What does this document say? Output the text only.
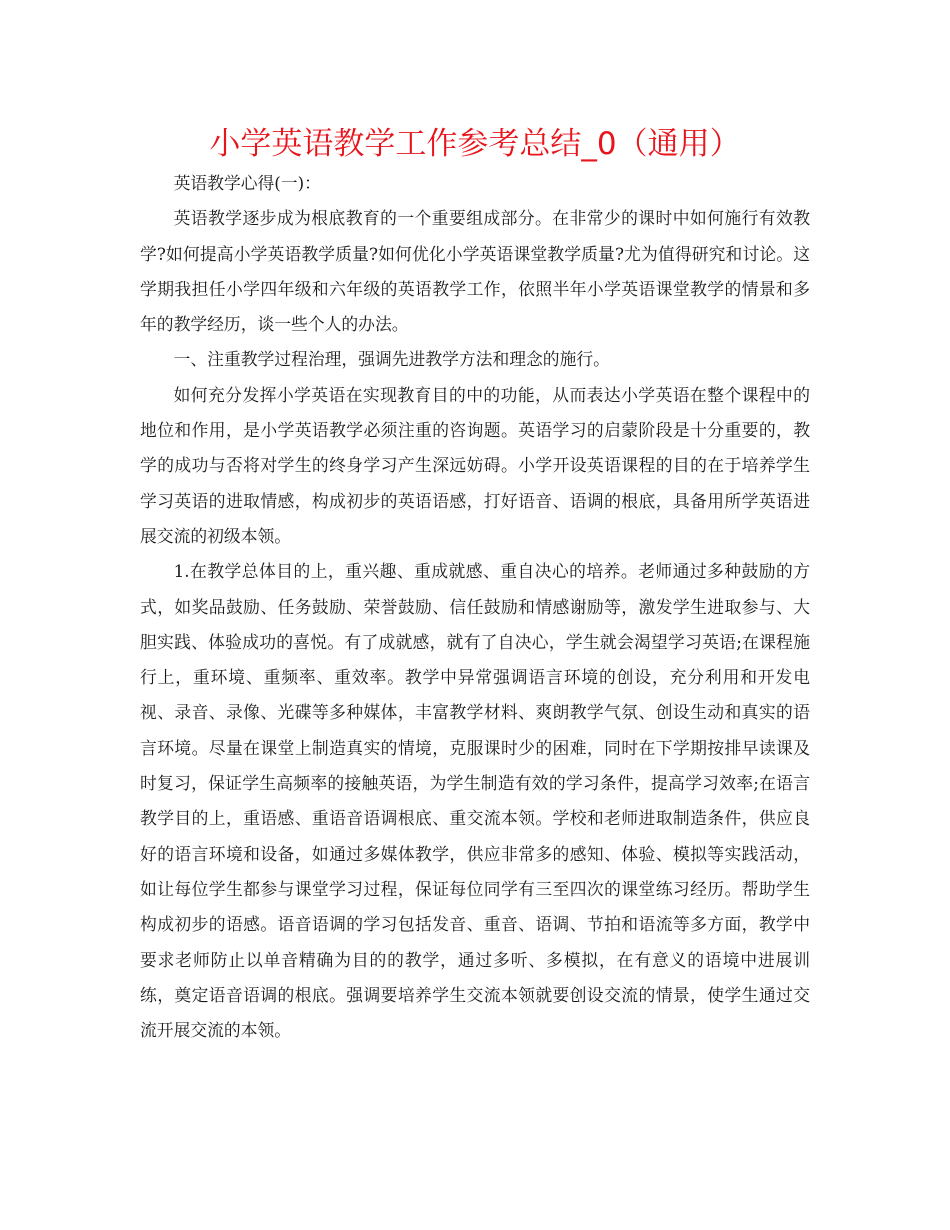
小学英语教学工作参考总结_0（通用）

英语教学心得(一)：

英语教学逐步成为根底教育的一个重要组成部分。在非常少的课时中如何施行有效教学?如何提高小学英语教学质量?如何优化小学英语课堂教学质量?尤为值得研究和讨论。这学期我担任小学四年级和六年级的英语教学工作，依照半年小学英语课堂教学的情景和多年的教学经历，谈一些个人的办法。

一、注重教学过程治理，强调先进教学方法和理念的施行。

如何充分发挥小学英语在实现教育目的中的功能，从而表达小学英语在整个课程中的地位和作用，是小学英语教学必须注重的咨询题。英语学习的启蒙阶段是十分重要的，教学的成功与否将对学生的终身学习产生深远妨碍。小学开设英语课程的目的在于培养学生学习英语的进取情感，构成初步的英语语感，打好语音、语调的根底，具备用所学英语进展交流的初级本领。

1.在教学总体目的上，重兴趣、重成就感、重自决心的培养。老师通过多种鼓励的方式，如奖品鼓励、任务鼓励、荣誉鼓励、信任鼓励和情感谢励等，激发学生进取参与、大胆实践、体验成功的喜悦。有了成就感，就有了自决心，学生就会渴望学习英语;在课程施行上，重环境、重频率、重效率。教学中异常强调语言环境的创设，充分利用和开发电视、录音、录像、光碟等多种媒体，丰富教学材料、爽朗教学气氛、创设生动和真实的语言环境。尽量在课堂上制造真实的情境，克服课时少的困难，同时在下学期按排早读课及时复习，保证学生高频率的接触英语，为学生制造有效的学习条件，提高学习效率;在语言教学目的上，重语感、重语音语调根底、重交流本领。学校和老师进取制造条件，供应良好的语言环境和设备，如通过多媒体教学，供应非常多的感知、体验、模拟等实践活动，如让每位学生都参与课堂学习过程，保证每位同学有三至四次的课堂练习经历。帮助学生构成初步的语感。语音语调的学习包括发音、重音、语调、节拍和语流等多方面，教学中要求老师防止以单音精确为目的的教学，通过多听、多模拟，在有意义的语境中进展训练，奠定语音语调的根底。强调要培养学生交流本领就要创设交流的情景，使学生通过交流开展交流的本领。
